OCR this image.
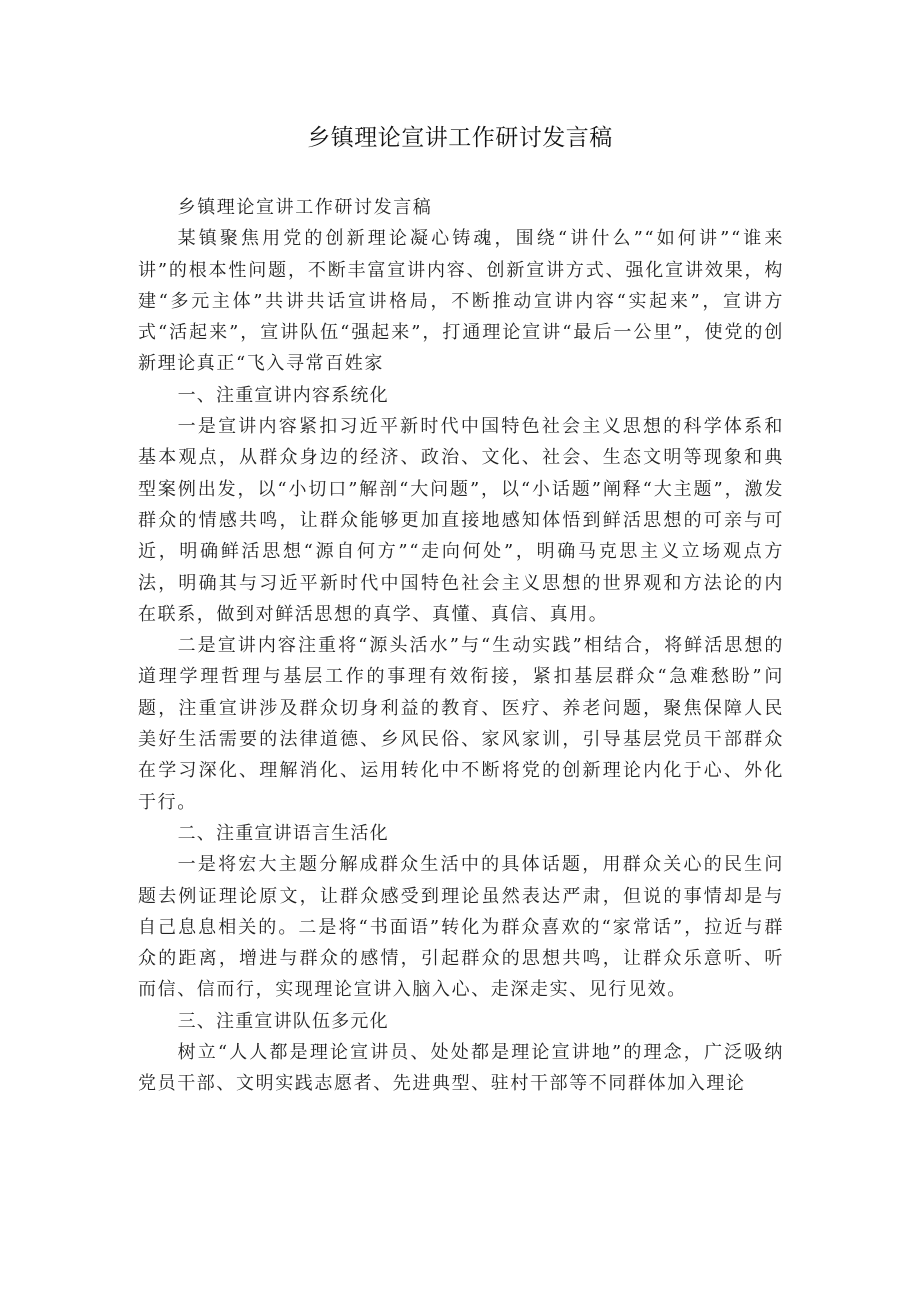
乡镇理论宣讲工作研讨发言稿

乡镇理论宣讲工作研讨发言稿

某镇聚焦用党的创新理论凝心铸魂，围绕“讲什么”“如何讲”“谁来讲”的根本性问题，不断丰富宣讲内容、创新宣讲方式、强化宣讲效果，构建“多元主体”共讲共话宣讲格局，不断推动宣讲内容“实起来”，宣讲方式“活起来”，宣讲队伍“强起来”，打通理论宣讲“最后一公里”，使党的创新理论真正“飞入寻常百姓家

一、注重宣讲内容系统化

一是宣讲内容紧扣习近平新时代中国特色社会主义思想的科学体系和基本观点，从群众身边的经济、政治、文化、社会、生态文明等现象和典型案例出发，以“小切口”解剖“大问题”，以“小话题”阐释“大主题”，激发群众的情感共鸣，让群众能够更加直接地感知体悟到鲜活思想的可亲与可近，明确鲜活思想“源自何方”“走向何处”，明确马克思主义立场观点方法，明确其与习近平新时代中国特色社会主义思想的世界观和方法论的内在联系，做到对鲜活思想的真学、真懂、真信、真用。

二是宣讲内容注重将“源头活水”与“生动实践”相结合，将鲜活思想的道理学理哲理与基层工作的事理有效衔接，紧扣基层群众“急难愁盼”问题，注重宣讲涉及群众切身利益的教育、医疗、养老问题，聚焦保障人民美好生活需要的法律道德、乡风民俗、家风家训，引导基层党员干部群众在学习深化、理解消化、运用转化中不断将党的创新理论内化于心、外化于行。

二、注重宣讲语言生活化

一是将宏大主题分解成群众生活中的具体话题，用群众关心的民生问题去例证理论原文，让群众感受到理论虽然表达严肃，但说的事情却是与自己息息相关的。二是将“书面语”转化为群众喜欢的“家常话”，拉近与群众的距离，增进与群众的感情，引起群众的思想共鸣，让群众乐意听、听而信、信而行，实现理论宣讲入脑入心、走深走实、见行见效。

三、注重宣讲队伍多元化

树立“人人都是理论宣讲员、处处都是理论宣讲地”的理念，广泛吸纳党员干部、文明实践志愿者、先进典型、驻村干部等不同群体加入理论
